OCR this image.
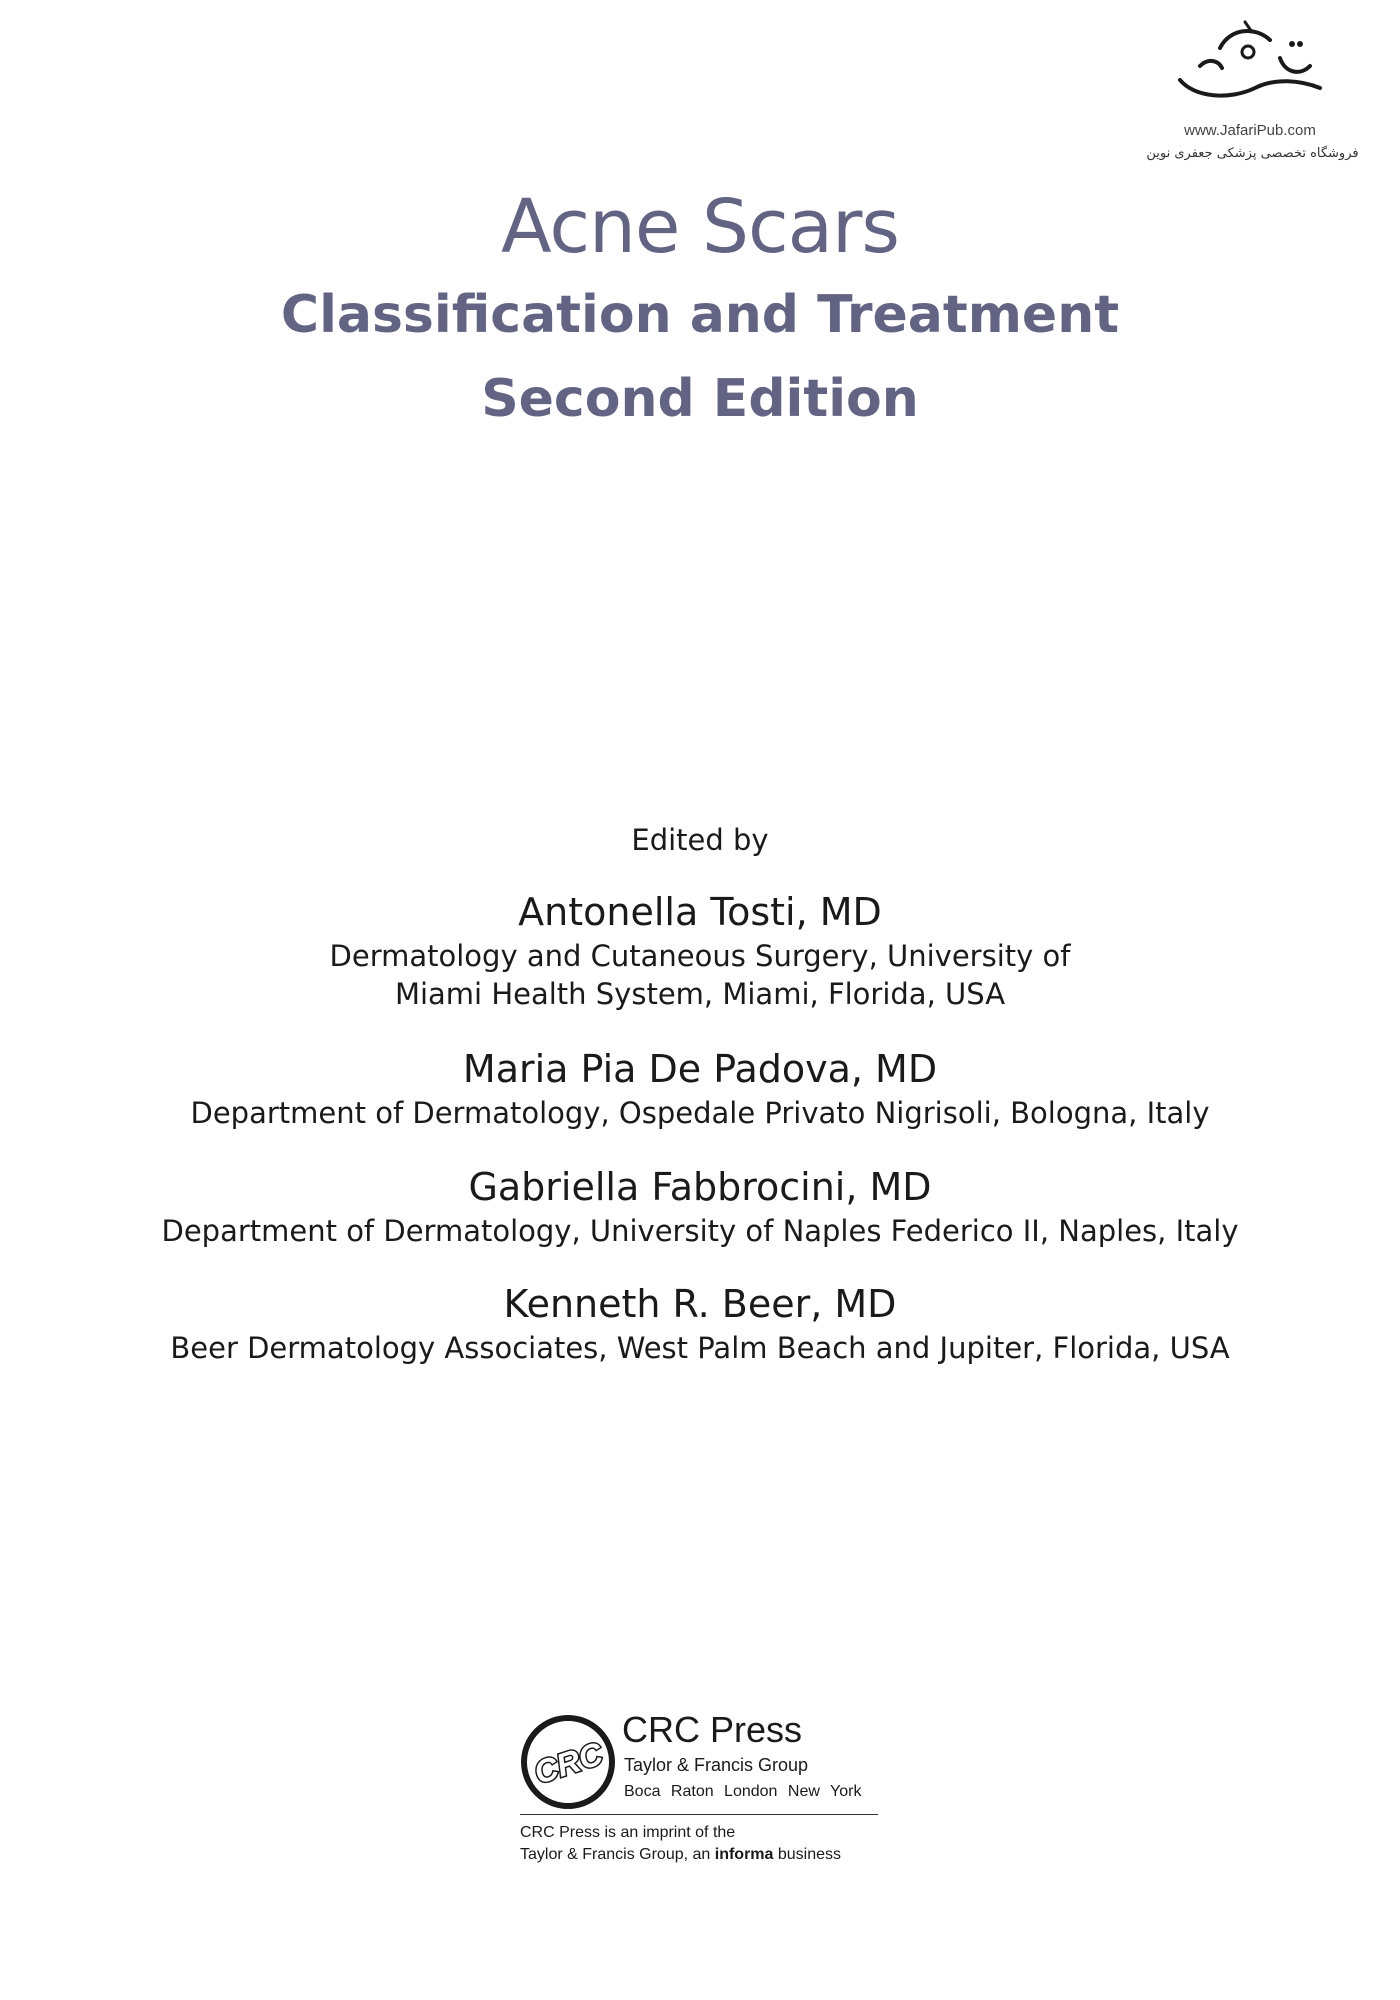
www.JafariPub.com
فروشگاه تخصصی پزشکی جعفری نوین
Acne Scars
Classification and Treatment
Second Edition
Edited by
Antonella Tosti, MD
Dermatology and Cutaneous Surgery, University of
Miami Health System, Miami, Florida, USA
Maria Pia De Padova, MD
Department of Dermatology, Ospedale Privato Nigrisoli, Bologna, Italy
Gabriella Fabbrocini, MD
Department of Dermatology, University of Naples Federico II, Naples, Italy
Kenneth R. Beer, MD
Beer Dermatology Associates, West Palm Beach and Jupiter, Florida, USA
CRC
CRC Press
Taylor & Francis Group
Boca Raton London New York
CRC Press is an imprint of the
Taylor & Francis Group, an informa business
